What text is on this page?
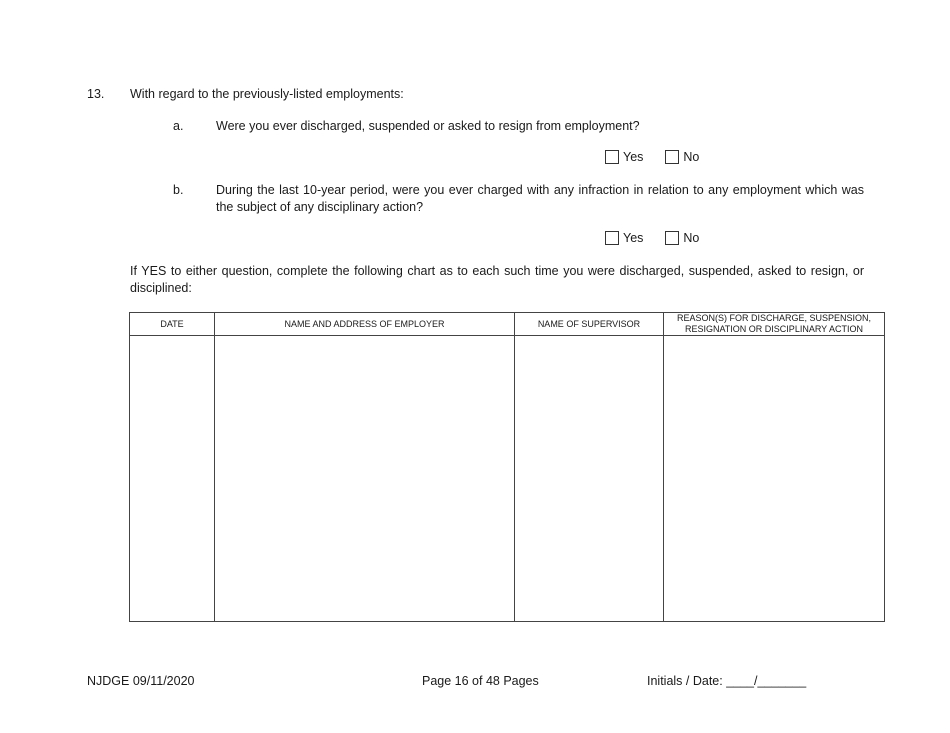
13. With regard to the previously-listed employments:
a.	Were you ever discharged, suspended or asked to resign from employment?
Yes	No
b.	During the last 10-year period, were you ever charged with any infraction in relation to any employment which was the subject of any disciplinary action?
Yes	No
If YES to either question, complete the following chart as to each such time you were discharged, suspended, asked to resign, or disciplined:
DATE	NAME AND ADDRESS OF EMPLOYER	NAME OF SUPERVISOR	REASON(S) FOR DISCHARGE, SUSPENSION, RESIGNATION OR DISCIPLINARY ACTION

NJDGE 09/11/2020	Page 16 of 48 Pages	Initials / Date: ____/_______
